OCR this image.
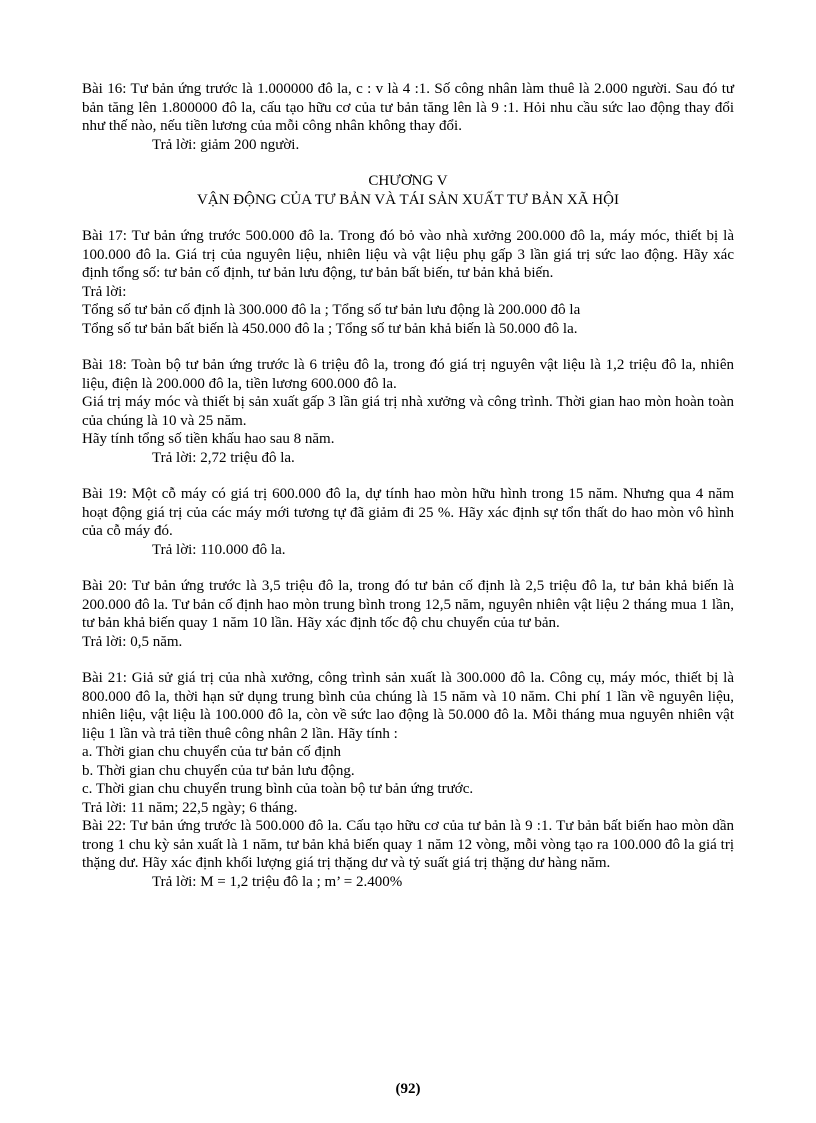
Bài 16: Tư bản ứng trước là 1.000000 đô la, c : v là 4 :1. Số công nhân làm thuê là 2.000 người. Sau đó tư bản tăng lên 1.800000 đô la, cấu tạo hữu cơ của tư bản tăng lên là 9 :1. Hỏi nhu cầu sức lao động thay đổi như thế nào, nếu tiền lương của mỗi công nhân không thay đổi.

Trả lời: giảm 200 người.

CHƯƠNG V

VẬN ĐỘNG CỦA TƯ BẢN VÀ TÁI SẢN XUẤT TƯ BẢN XÃ HỘI

Bài 17: Tư bản ứng trước 500.000 đô la. Trong đó bỏ vào nhà xưởng 200.000 đô la, máy móc, thiết bị là 100.000 đô la. Giá trị của nguyên liệu, nhiên liệu và vật liệu phụ gấp 3 lần giá trị sức lao động. Hãy xác định tổng số: tư bản cố định, tư bản lưu động, tư bản bất biến, tư bản khả biến.

Trả lời:

Tổng số tư bản cố định là 300.000 đô la ; Tổng số tư bản lưu động là 200.000 đô la

Tổng số tư bản bất biến là 450.000 đô la ; Tổng số tư bản khả biến là 50.000 đô la.

Bài 18: Toàn bộ tư bản ứng trước là 6 triệu đô la, trong đó giá trị nguyên vật liệu là 1,2 triệu đô la, nhiên liệu, điện là 200.000 đô la, tiền lương 600.000 đô la.

Giá trị máy móc và thiết bị sản xuất gấp 3 lần giá trị nhà xưởng và công trình. Thời gian hao mòn hoàn toàn của chúng là 10 và 25 năm.

Hãy tính tổng số tiền khấu hao sau 8 năm.

Trả lời: 2,72 triệu đô la.

Bài 19: Một cỗ máy có giá trị 600.000 đô la, dự tính hao mòn hữu hình trong 15 năm. Nhưng qua 4 năm hoạt động giá trị của các máy mới tương tự đã giảm đi 25 %. Hãy xác định sự tổn thất do hao mòn vô hình của cỗ máy đó.

Trả lời: 110.000 đô la.

Bài 20: Tư bản ứng trước là 3,5 triệu đô la, trong đó tư bản cố định là 2,5 triệu đô la, tư bản khả biến là 200.000 đô la. Tư bản cố định hao mòn trung bình trong 12,5 năm, nguyên nhiên vật liệu 2 tháng mua 1 lần, tư bản khả biến quay 1 năm 10 lần. Hãy xác định tốc độ chu chuyển của tư bản.

Trả lời: 0,5 năm.

Bài 21: Giả sử giá trị của nhà xưởng, công trình sản xuất là 300.000 đô la. Công cụ, máy móc, thiết bị là 800.000 đô la, thời hạn sử dụng trung bình của chúng là 15 năm và 10 năm. Chi phí 1 lần về nguyên liệu, nhiên liệu, vật liệu là 100.000 đô la, còn về sức lao động là 50.000 đô la. Mỗi tháng mua nguyên nhiên vật liệu 1 lần và trả tiền thuê công nhân 2 lần. Hãy tính :

a. Thời gian chu chuyển của tư bản cố định

b. Thời gian chu chuyển của tư bản lưu động.

c. Thời gian chu chuyển trung bình của toàn bộ tư bản ứng trước.

Trả lời: 11 năm; 22,5 ngày; 6 tháng.

Bài 22: Tư bản ứng trước là 500.000 đô la. Cấu tạo hữu cơ của tư bản là 9 :1. Tư bản bất biến hao mòn dần trong 1 chu kỳ sản xuất là 1 năm, tư bản khả biến quay 1 năm 12 vòng, mỗi vòng tạo ra 100.000 đô la giá trị thặng dư. Hãy xác định khối lượng giá trị thặng dư và tỷ suất giá trị thặng dư hàng năm.

Trả lời: M = 1,2 triệu đô la ; m’ = 2.400%

(92)
